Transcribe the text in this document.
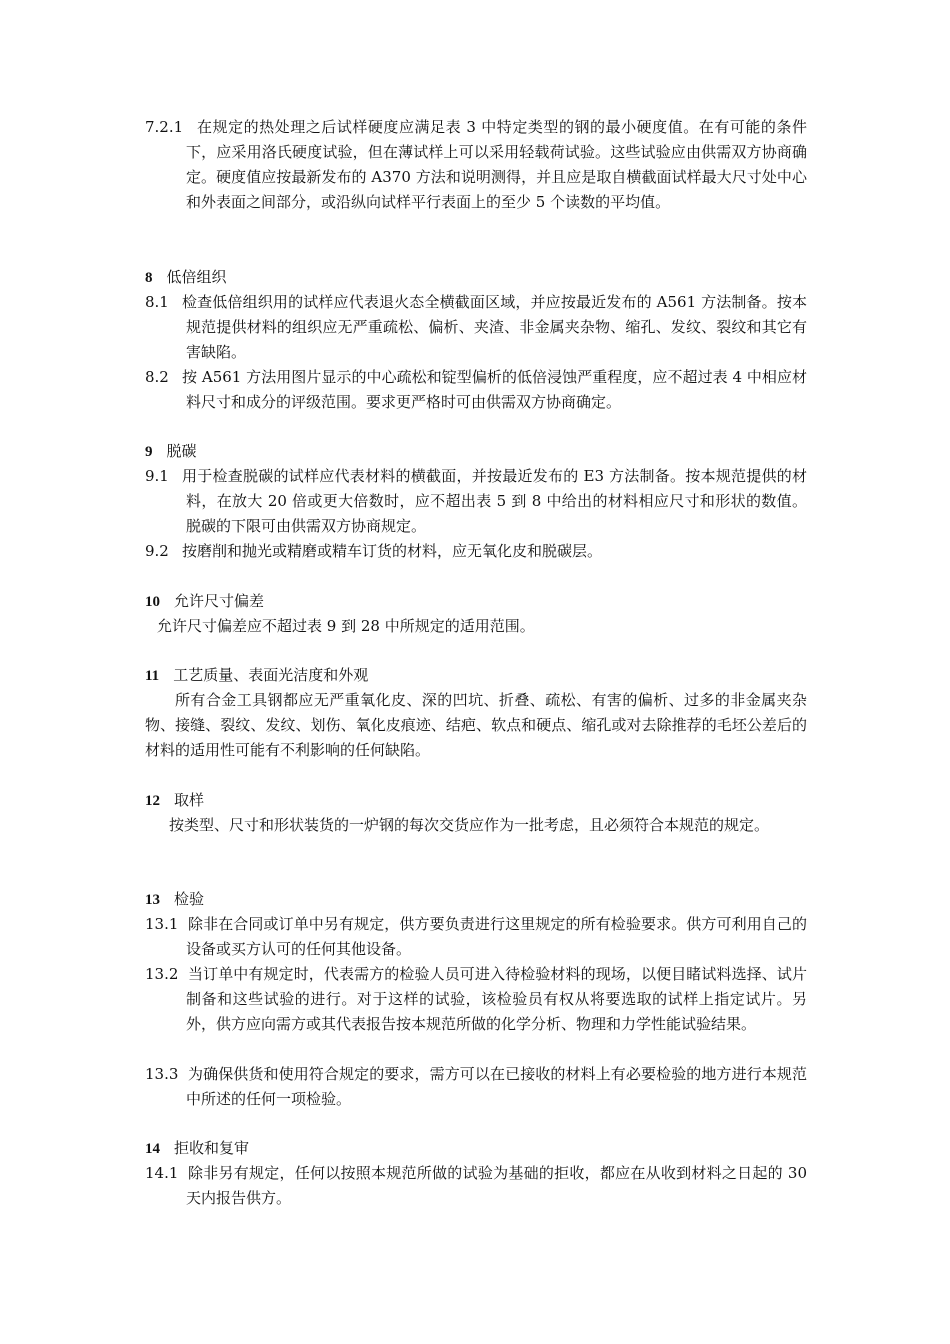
7.2.1 在规定的热处理之后试样硬度应满足表 3 中特定类型的钢的最小硬度值。在有可能的条件下，应采用洛氏硬度试验，但在薄试样上可以采用轻载荷试验。这些试验应由供需双方协商确定。硬度值应按最新发布的 A370 方法和说明测得，并且应是取自横截面试样最大尺寸处中心和外表面之间部分，或沿纵向试样平行表面上的至少 5 个读数的平均值。

8 低倍组织

8.1 检查低倍组织用的试样应代表退火态全横截面区域，并应按最近发布的 A561 方法制备。按本规范提供材料的组织应无严重疏松、偏析、夹渣、非金属夹杂物、缩孔、发纹、裂纹和其它有害缺陷。

8.2 按 A561 方法用图片显示的中心疏松和锭型偏析的低倍浸蚀严重程度，应不超过表 4 中相应材料尺寸和成分的评级范围。要求更严格时可由供需双方协商确定。

9 脱碳

9.1 用于检查脱碳的试样应代表材料的横截面，并按最近发布的 E3 方法制备。按本规范提供的材料，在放大 20 倍或更大倍数时，应不超出表 5 到 8 中给出的材料相应尺寸和形状的数值。脱碳的下限可由供需双方协商规定。

9.2 按磨削和抛光或精磨或精车订货的材料，应无氧化皮和脱碳层。

10 允许尺寸偏差

允许尺寸偏差应不超过表 9 到 28 中所规定的适用范围。

11 工艺质量、表面光洁度和外观

所有合金工具钢都应无严重氧化皮、深的凹坑、折叠、疏松、有害的偏析、过多的非金属夹杂物、接缝、裂纹、发纹、划伤、氧化皮痕迹、结疤、软点和硬点、缩孔或对去除推荐的毛坯公差后的材料的适用性可能有不利影响的任何缺陷。

12 取样

按类型、尺寸和形状装货的一炉钢的每次交货应作为一批考虑，且必须符合本规范的规定。

13 检验

13.1 除非在合同或订单中另有规定，供方要负责进行这里规定的所有检验要求。供方可利用自己的设备或买方认可的任何其他设备。

13.2 当订单中有规定时，代表需方的检验人员可进入待检验材料的现场，以便目睹试料选择、试片制备和这些试验的进行。对于这样的试验，该检验员有权从将要选取的试样上指定试片。另外，供方应向需方或其代表报告按本规范所做的化学分析、物理和力学性能试验结果。

13.3 为确保供货和使用符合规定的要求，需方可以在已接收的材料上有必要检验的地方进行本规范中所述的任何一项检验。

14 拒收和复审

14.1 除非另有规定，任何以按照本规范所做的试验为基础的拒收，都应在从收到材料之日起的 30 天内报告供方。
